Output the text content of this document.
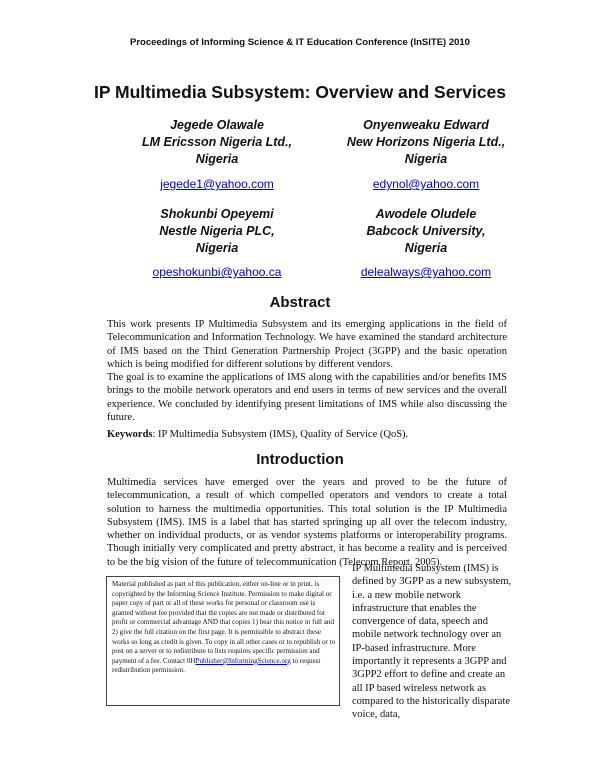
Proceedings of Informing Science & IT Education Conference (InSITE) 2010
IP Multimedia Subsystem: Overview and Services
Jegede Olawale
LM Ericsson Nigeria Ltd.,
Nigeria
jegede1@yahoo.com
Onyenweaku Edward
New Horizons Nigeria Ltd.,
Nigeria
edynol@yahoo.com
Shokunbi Opeyemi
Nestle Nigeria PLC,
Nigeria
opeshokunbi@yahoo.ca
Awodele Oludele
Babcock University,
Nigeria
delealways@yahoo.com
Abstract
This work presents IP Multimedia Subsystem and its emerging applications in the field of Telecommunication and Information Technology. We have examined the standard architecture of IMS based on the Third Generation Partnership Project (3GPP) and the basic operation which is being modified for different solutions by different vendors.
The goal is to examine the applications of IMS along with the capabilities and/or benefits IMS brings to the mobile network operators and end users in terms of new services and the overall experience. We concluded by identifying present limitations of IMS while also discussing the future.
Keywords: IP Multimedia Subsystem (IMS), Quality of Service (QoS).
Introduction
Multimedia services have emerged over the years and proved to be the future of telecommunication, a result of which compelled operators and vendors to create a total solution to harness the multimedia opportunities. This total solution is the IP Multimedia Subsystem (IMS). IMS is a label that has started springing up all over the telecom industry, whether on individual products, or as vendor systems platforms or interoperability programs. Though initially very complicated and pretty abstract, it has become a reality and is perceived to be the big vision of the future of telecommunication (Telecom Report, 2005).
Material published as part of this publication, either on-line or in print, is copyrighted by the Informing Science Institute. Permission to make digital or paper copy of part or all of these works for personal or classroom use is granted without fee provided that the copies are not made or distributed for profit or commercial advantage AND that copies 1) bear this notice in full and 2) give the full citation on the first page. It is permissible to abstract these works so long as credit is given. To copy in all other cases or to republish or to post on a server or to redistribute to lists requires specific permission and payment of a fee. Contact 0HPublisher@InformingScience.org to request redistribution permission.
IP Multimedia Subsystem (IMS) is defined by 3GPP as a new subsystem, i.e. a new mobile network infrastructure that enables the convergence of data, speech and mobile network technology over an IP-based infrastructure. More importantly it represents a 3GPP and 3GPP2 effort to define and create an all IP based wireless network as compared to the historically disparate voice, data,
